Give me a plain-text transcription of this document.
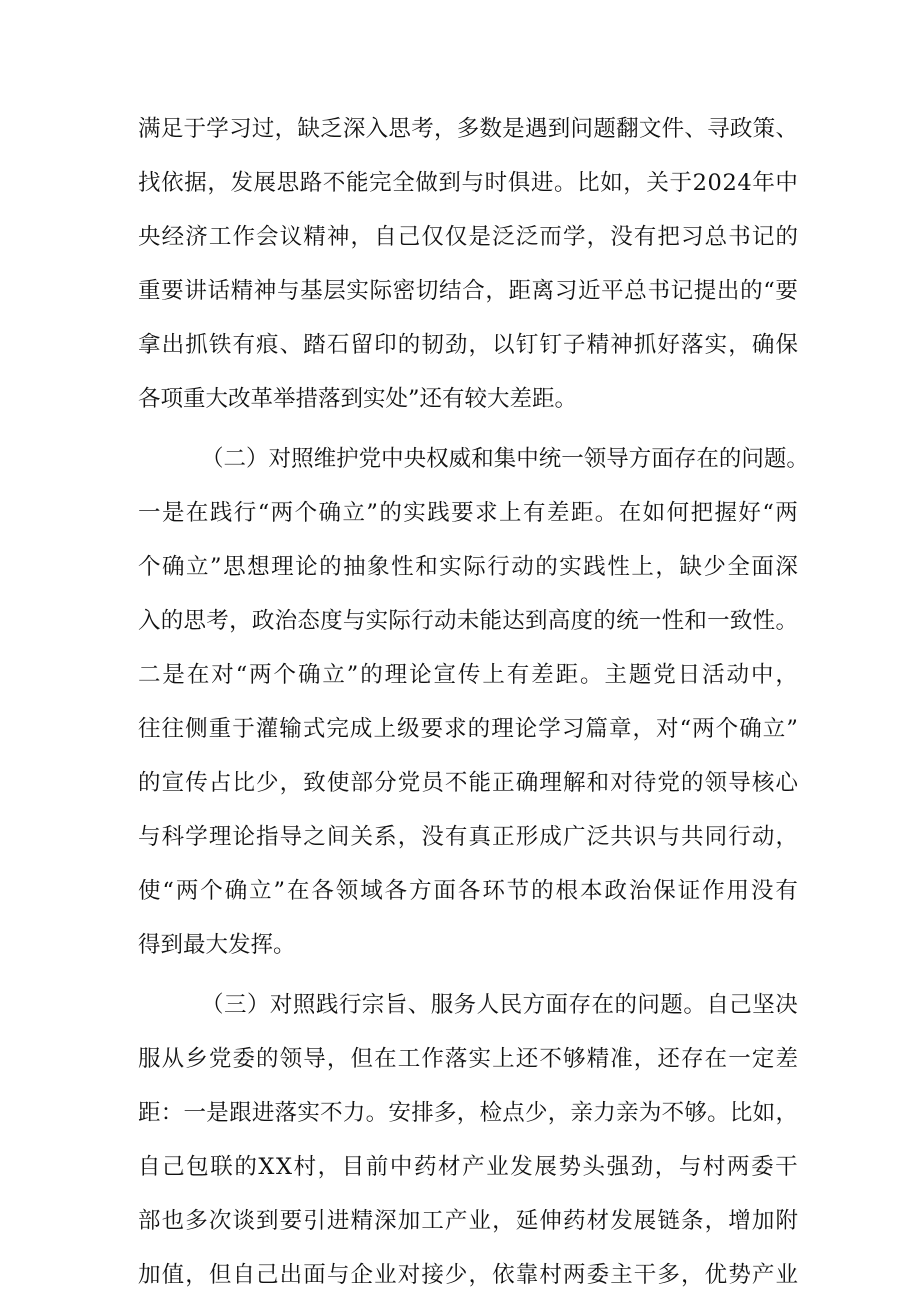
满 足 于 学 习 过 ， 缺 乏 深 入 思 考 ， 多 数 是 遇 到 问 题 翻 文 件 、 寻 政 策 、
找 依 据 ， 发 展 思 路 不 能 完 全 做 到 与 时 俱 进 。 比 如 ， 关 于 2 0 2 4 年 中
央 经 济 工 作 会 议 精 神 ， 自 己 仅 仅 是 泛 泛 而 学 ， 没 有 把 习 总 书 记 的
重 要 讲 话 精 神 与 基 层 实 际 密 切 结 合 ， 距 离 习 近 平 总 书 记 提 出 的 “ 要
拿 出 抓 铁 有 痕 、 踏 石 留 印 的 韧 劲 ， 以 钉 钉 子 精 神 抓 好 落 实 ， 确 保
各项重大改革举措落到实处”还有较大差距。
（ 二 ） 对 照 维 护 党 中 央 权 威 和 集 中 统 一 领 导 方 面 存 在 的 问 题 。
一 是 在 践 行 “ 两 个 确 立 ” 的 实 践 要 求 上 有 差 距 。 在 如 何 把 握 好 “ 两
个 确 立 ” 思 想 理 论 的 抽 象 性 和 实 际 行 动 的 实 践 性 上 ， 缺 少 全 面 深
入 的 思 考 ， 政 治 态 度 与 实 际 行 动 未 能 达 到 高 度 的 统 一 性 和 一 致 性 。
二 是 在 对 “ 两 个 确 立 ” 的 理 论 宣 传 上 有 差 距 。 主 题 党 日 活 动 中 ，
往 往 侧 重 于 灌 输 式 完 成 上 级 要 求 的 理 论 学 习 篇 章 ， 对 “ 两 个 确 立 ”
的 宣 传 占 比 少 ， 致 使 部 分 党 员 不 能 正 确 理 解 和 对 待 党 的 领 导 核 心
与 科 学 理 论 指 导 之 间 关 系 ， 没 有 真 正 形 成 广 泛 共 识 与 共 同 行 动 ，
使 “ 两 个 确 立 ” 在 各 领 域 各 方 面 各 环 节 的 根 本 政 治 保 证 作 用 没 有
得到最大发挥。
（ 三 ） 对 照 践 行 宗 旨 、 服 务 人 民 方 面 存 在 的 问 题 。 自 己 坚 决
服 从 乡 党 委 的 领 导 ， 但 在 工 作 落 实 上 还 不 够 精 准 ， 还 存 在 一 定 差
距 ： 一 是 跟 进 落 实 不 力 。 安 排 多 ， 检 点 少 ， 亲 力 亲 为 不 够 。 比 如 ，
自 己 包 联 的 X X 村 ， 目 前 中 药 材 产 业 发 展 势 头 强 劲 ， 与 村 两 委 干
部 也 多 次 谈 到 要 引 进 精 深 加 工 产 业 ， 延 伸 药 材 发 展 链 条 ， 增 加 附
加 值 ， 但 自 己 出 面 与 企 业 对 接 少 ， 依 靠 村 两 委 主 干 多 ， 优 势 产 业
